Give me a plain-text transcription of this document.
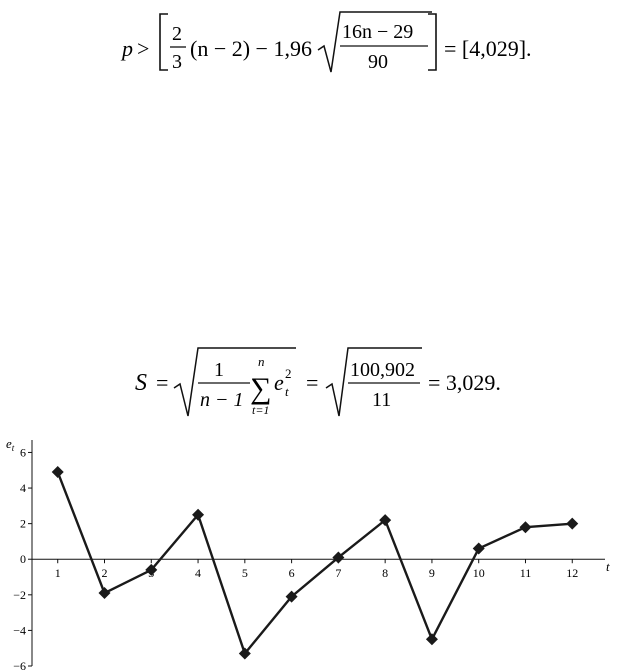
p >
2
3
(n − 2) − 1,96
16n − 29
90
= [4,029].
S = 1
n − 1
n
∑
t=1
e 2
t = 100,902
11
= 3,029.
$e_t$
t
6
4
2
0
−2
−4
−6
1	2	4	5	6	7	8	9	10	11	12
